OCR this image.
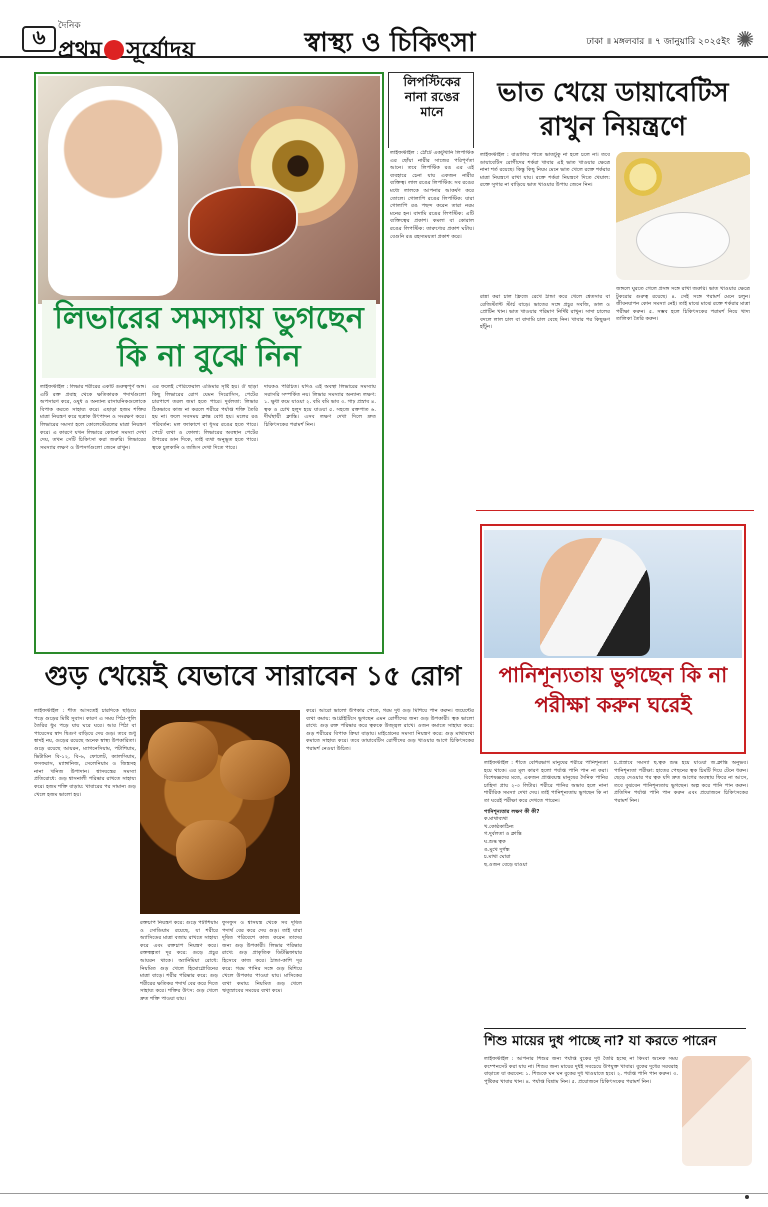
৬	দৈনিক
প্রথম সূর্যোদয়	স্বাস্থ্য ও চিকিৎসা	ঢাকা ॥ মঙ্গলবার ॥ ৭ জানুয়ারি ২০২৫ইং ✺
লিভারের সমস্যায় ভুগছেন কি না বুঝে নিন
লাইফস্টাইল : লিভার শরীরের একটি গুরুত্বপূর্ণ অঙ্গ। এটি রক্ত প্রবাহ থেকে ক্ষতিকারক পদার্থগুলো অপসারণ করে, ওষুধ ও অন্যান্য রাসায়নিকগুলোকে বিপাক করতে সাহায্য করে। এছাড়া হজম শক্তির মাত্রা নিয়ন্ত্রণ করে ছত্রাক উৎপাদন ও সংরক্ষণ করে। লিভারের সমস্যা হলে কোলেস্টেরলের মাত্রা নিয়ন্ত্রণ করে। এ কারণে যখন লিভারে কোনো সমস্যা দেখা দেয়, তখন সেটি চিকিৎসা করা জরুরি। লিভারের সমস্যার লক্ষণ ও উপসর্গগুলো জেনে রাখুন।
এর ফলেই পেরিফেরাল এডিমার সৃষ্টি হয়। ঔ ছাড়া কিছু লিভারের রোগ যেমন সিরোসিস, পেটের চারপাশে তরল জমা হতে পারে। দুর্বলতা: লিভার ঠিকভাবে কাজ না করলে শরীরে পর্যাপ্ত শক্তি তৈরি হয় না। ফলে সবসময় ক্লান্ত বোধ হয়। মলের রঙ পরিবর্তন: মল ফ্যাকাশে বা ধূসর রঙের হতে পারে। পেটে ব্যথা ও ফোলা: লিভারের অবস্থান পেটের উপরের ডান দিকে, তাই ব্যথা অনুভূত হতে পারে। ত্বকে চুলকানি ও জন্ডিস দেখা দিতে পারে।
দায়কও পরিচিত। যদিও এই অবস্থা লিভারের সমস্যায় সরাসরি সম্পর্কিত নয়। লিভার সমস্যার অন্যান্য লক্ষণ: ১. ক্ষুধা কমে যাওয়া ২. বমি বমি ভাব ৩. গাঢ় প্রস্রাব ৪. ত্বক ও চোখ হলুদ হয়ে যাওয়া ৫. সহজে রক্তপাত ৬. দীর্ঘস্থায়ী ক্লান্তি। এসব লক্ষণ দেখা দিলে দ্রুত চিকিৎসকের পরামর্শ নিন।
লিপস্টিকের নানা রঙের মানে
লাইফস্টাইল : ঠোঁটে একটুখানি লিপস্টিক এর ছোঁয়া নারীর সাজের পরিপূর্ণতা আনে। তবে লিপস্টিক রঙ এর এই ব্যবহারে চেনা যায় একজন নারীর ব্যক্তিত্ব। লাল রঙের লিপস্টিক: সব রঙের মধ্যে লালকে আপনার আকর্ষণ করে তোলে। গোলাপি রঙের লিপস্টিক: যারা গোলাপি রঙ পছন্দ করেন তারা নরম মনের হন। বাদামি রঙের লিপস্টিক: এটি ব্যক্তিত্বের প্রকাশ। কমলা বা কোরাল রঙের লিপস্টিক: তারুণ্যের প্রকাশ ঘটায়। বেগুনি রঙ রহস্যময়তা প্রকাশ করে।
ভাত খেয়ে ডায়াবেটিস রাখুন নিয়ন্ত্রণে
লাইফস্টাইল : বাঙালির পাতে ভাতটুকু না হলে চলে না। তবে ডায়াবেটিস রোগীদের শর্করা খাবার এই ভাত খাওয়ার ক্ষেত্রে নানা শর্ত রয়েছে। কিন্তু কিছু নিয়ম মেনে ভাত খেলে রক্তে শর্করার মাত্রা নিয়ন্ত্রণে রাখা যায়। রক্তে শর্করা নিয়ন্ত্রণে দিতে খেয়াল: রক্তে সুগার না বাড়িয়ে ভাত খাওয়ার উপায় জেনে নিন।
রান্না করা চাল ফ্রিজে রেখে ঠান্ডা করে খেলে শ্বেতসার বা রেজিস্ট্যান্ট স্টার্চ বাড়ে। ভাতের সঙ্গে প্রচুর সবজি, ডাল ও প্রোটিন খান। ভাত খাওয়ার পরিমাণ নির্দিষ্ট রাখুন। সাদা চালের বদলে লাল চাল বা বাদামি চাল বেছে নিন। খাবার পর কিছুক্ষণ হাঁটুন।
জঙ্গলে ঘুরতে গেলে প্রসঙ্গ সঙ্গে রাখা জরুরি। ভাত খাওয়ার ক্ষেত্রে টুকরোর গুরুত্ব রয়েছে। ৪. সেই সঙ্গে পরামর্শ মেনে চলুন। জীবনযাপন কোন সমস্যা নেই। তাই মাঝে মাঝে রক্তে শর্করার মাত্রা পরীক্ষা করুন। ৫. সম্ভব হলে চিকিৎসকের পরামর্শ নিয়ে খাদ্য তালিকা তৈরি করুন।
পানিশূন্যতায় ভুগছেন কি না পরীক্ষা করুন ঘরেই
লাইফস্টাইল : শীতে বেশিরভাগ মানুষের শরীরে পানিশূন্যতা হয়ে থাকে। এর মূল কারণ হলো পর্যাপ্ত পানি পান না করা। বিশেষজ্ঞদের মতে, একজন প্রাপ্তবয়স্ক মানুষের দৈনিক পানির চাহিদা প্রায় ২-৩ লিটার। শরীরে পানির অভাব হলে নানা শারীরিক সমস্যা দেখা দেয়। তাই পানিশূন্যতায় ভুগছেন কি না তা ঘরেই পরীক্ষা করে দেখতে পারেন।
পানিশূন্যতার লক্ষণ কী কী?
ক.মাথাব্যথা
খ.কোষ্ঠকাঠিন্য
গ.দুর্বলতা ও ক্লান্তি
ঘ.শুষ্ক ত্বক
ঙ.মুখে দুর্গন্ধ
চ.মাথা ঘোরা
ছ.ওজন বেড়ে যাওয়া
চ.প্রস্রাবে সমস্যা ছ.ত্বক শুষ্ক হয়ে যাওয়া জ.ক্লান্তি অনুভব। পানিশূন্যতা পরীক্ষা: হাতের পেছনের ত্বক চিমটি দিয়ে টেনে ধরুন। ছেড়ে দেওয়ার পর ত্বক যদি দ্রুত আগের অবস্থায় ফিরে না আসে, তবে বুঝবেন পানিশূন্যতায় ভুগছেন। অল্প করে পানি পান করুন। প্রতিদিন পর্যাপ্ত পানি পান করুন এবং প্রয়োজনে চিকিৎসকের পরামর্শ নিন।
গুড় খেয়েই যেভাবে সারাবেন ১৫ রোগ
লাইফস্টাইল : শীত আসতেই চারদিকে ছড়িয়ে পড়ে গুড়ের মিষ্টি সুবাস। কারণ এ সময় পিঠা-পুলি তৈরির ধুম পড়ে যায় ঘরে ঘরে। আর পিঠা বা পায়েসের স্বাদ দ্বিগুণ বাড়িয়ে দেয় গুড়। তবে শুধু স্বাদই নয়, গুড়ের রয়েছে অনেক স্বাস্থ্য উপকারিতা। গুড়ে রয়েছে আয়রন, ম্যাগনেসিয়াম, পটাশিয়াম, ভিটামিন বি-১২, বি-৬, ফোলেট, ক্যালসিয়াম, ফসফরাস, ম্যাঙ্গানিজ, সেলেনিয়াম ও জিঙ্কসহ নানা খনিজ উপাদান। শ্বাসযন্ত্রের সমস্যা প্রতিরোধে: গুড় শ্বাসনালী পরিষ্কার রাখতে সাহায্য করে। হজম শক্তি বাড়ায়: খাবারের পর সামান্য গুড় খেলে হজম ভালো হয়।
রক্তচাপ নিয়ন্ত্রণ করে: গুড়ে পটাশিয়াম ও সোডিয়াম রয়েছে, যা শরীরে অ্যাসিডের মাত্রা বজায় রাখতে সাহায্য করে এবং রক্তচাপ নিয়ন্ত্রণ করে। রক্তস্বল্পতা দূর করে: গুড়ে প্রচুর আয়রন থাকে। অ্যানিমিয়া রোধে: নিয়মিত গুড় খেলে হিমোগ্লোবিনের মাত্রা বাড়ে। শরীর পরিষ্কার করে: গুড় শরীরের ক্ষতিকর পদার্থ বের করে দিতে সাহায্য করে। শক্তির উৎস: গুড় খেলে দ্রুত শক্তি পাওয়া যায়।
ফুসফুস ও শ্বাসযন্ত্র থেকে সব দূষিত পদার্থ বের করে দেয় গুড়। তাই যারা দূষিত পরিবেশে কাজ করেন তাদের জন্য গুড় উপকারী। লিভার পরিষ্কার রাখে: গুড় প্রাকৃতিক ডিটক্সিফায়ার হিসেবে কাজ করে। ঠান্ডা-কাশি দূর করে: গরম পানির সঙ্গে গুড় মিশিয়ে খেলে উপকার পাওয়া যায়। মাসিকের ব্যথা কমায়: নিয়মিত গুড় খেলে ঋতুস্রাবের সময়ের ব্যথা কমে।
করে। আরো ভালো উপকার পেতে, গরম দুধ গুড় মিশিয়ে পান করুন। জয়েন্টের ব্যথা কমায়: আর্থ্রাইটিসে ভুগছেন এমন রোগীদের জন্য গুড় উপকারী। ত্বক ভালো রাখে: গুড় রক্ত পরিষ্কার করে ত্বককে উজ্জ্বল রাখে। ওজন কমাতে সাহায্য করে: গুড় শরীরের বিপাক ক্রিয়া বাড়ায়। মাইগ্রেনের সমস্যা নিয়ন্ত্রণ করে: গুড় মাথাব্যথা কমাতে সাহায্য করে। তবে ডায়াবেটিস রোগীদের গুড় খাওয়ার আগে চিকিৎসকের পরামর্শ নেওয়া উচিত।
শিশু মায়ের দুধ পাচ্ছে না? যা করতে পারেন
লাইফস্টাইল : আপনার শিশুর জন্য পর্যাপ্ত বুকের দুধ তৈরি হচ্ছে না কিংবা অনেক সময় কম্পেনসেট করা যায় না। শিশুর জন্য মায়ের দুধই সবচেয়ে উপযুক্ত খাবার। বুকের দুধের সরবরাহ বাড়াতে যা করবেন: ১. শিশুকে ঘন ঘন বুকের দুধ খাওয়াতে হবে। ২. পর্যাপ্ত পানি পান করুন। ৩. পুষ্টিকর খাবার খান। ৪. পর্যাপ্ত বিশ্রাম নিন। ৫. প্রয়োজনে চিকিৎসকের পরামর্শ নিন।
